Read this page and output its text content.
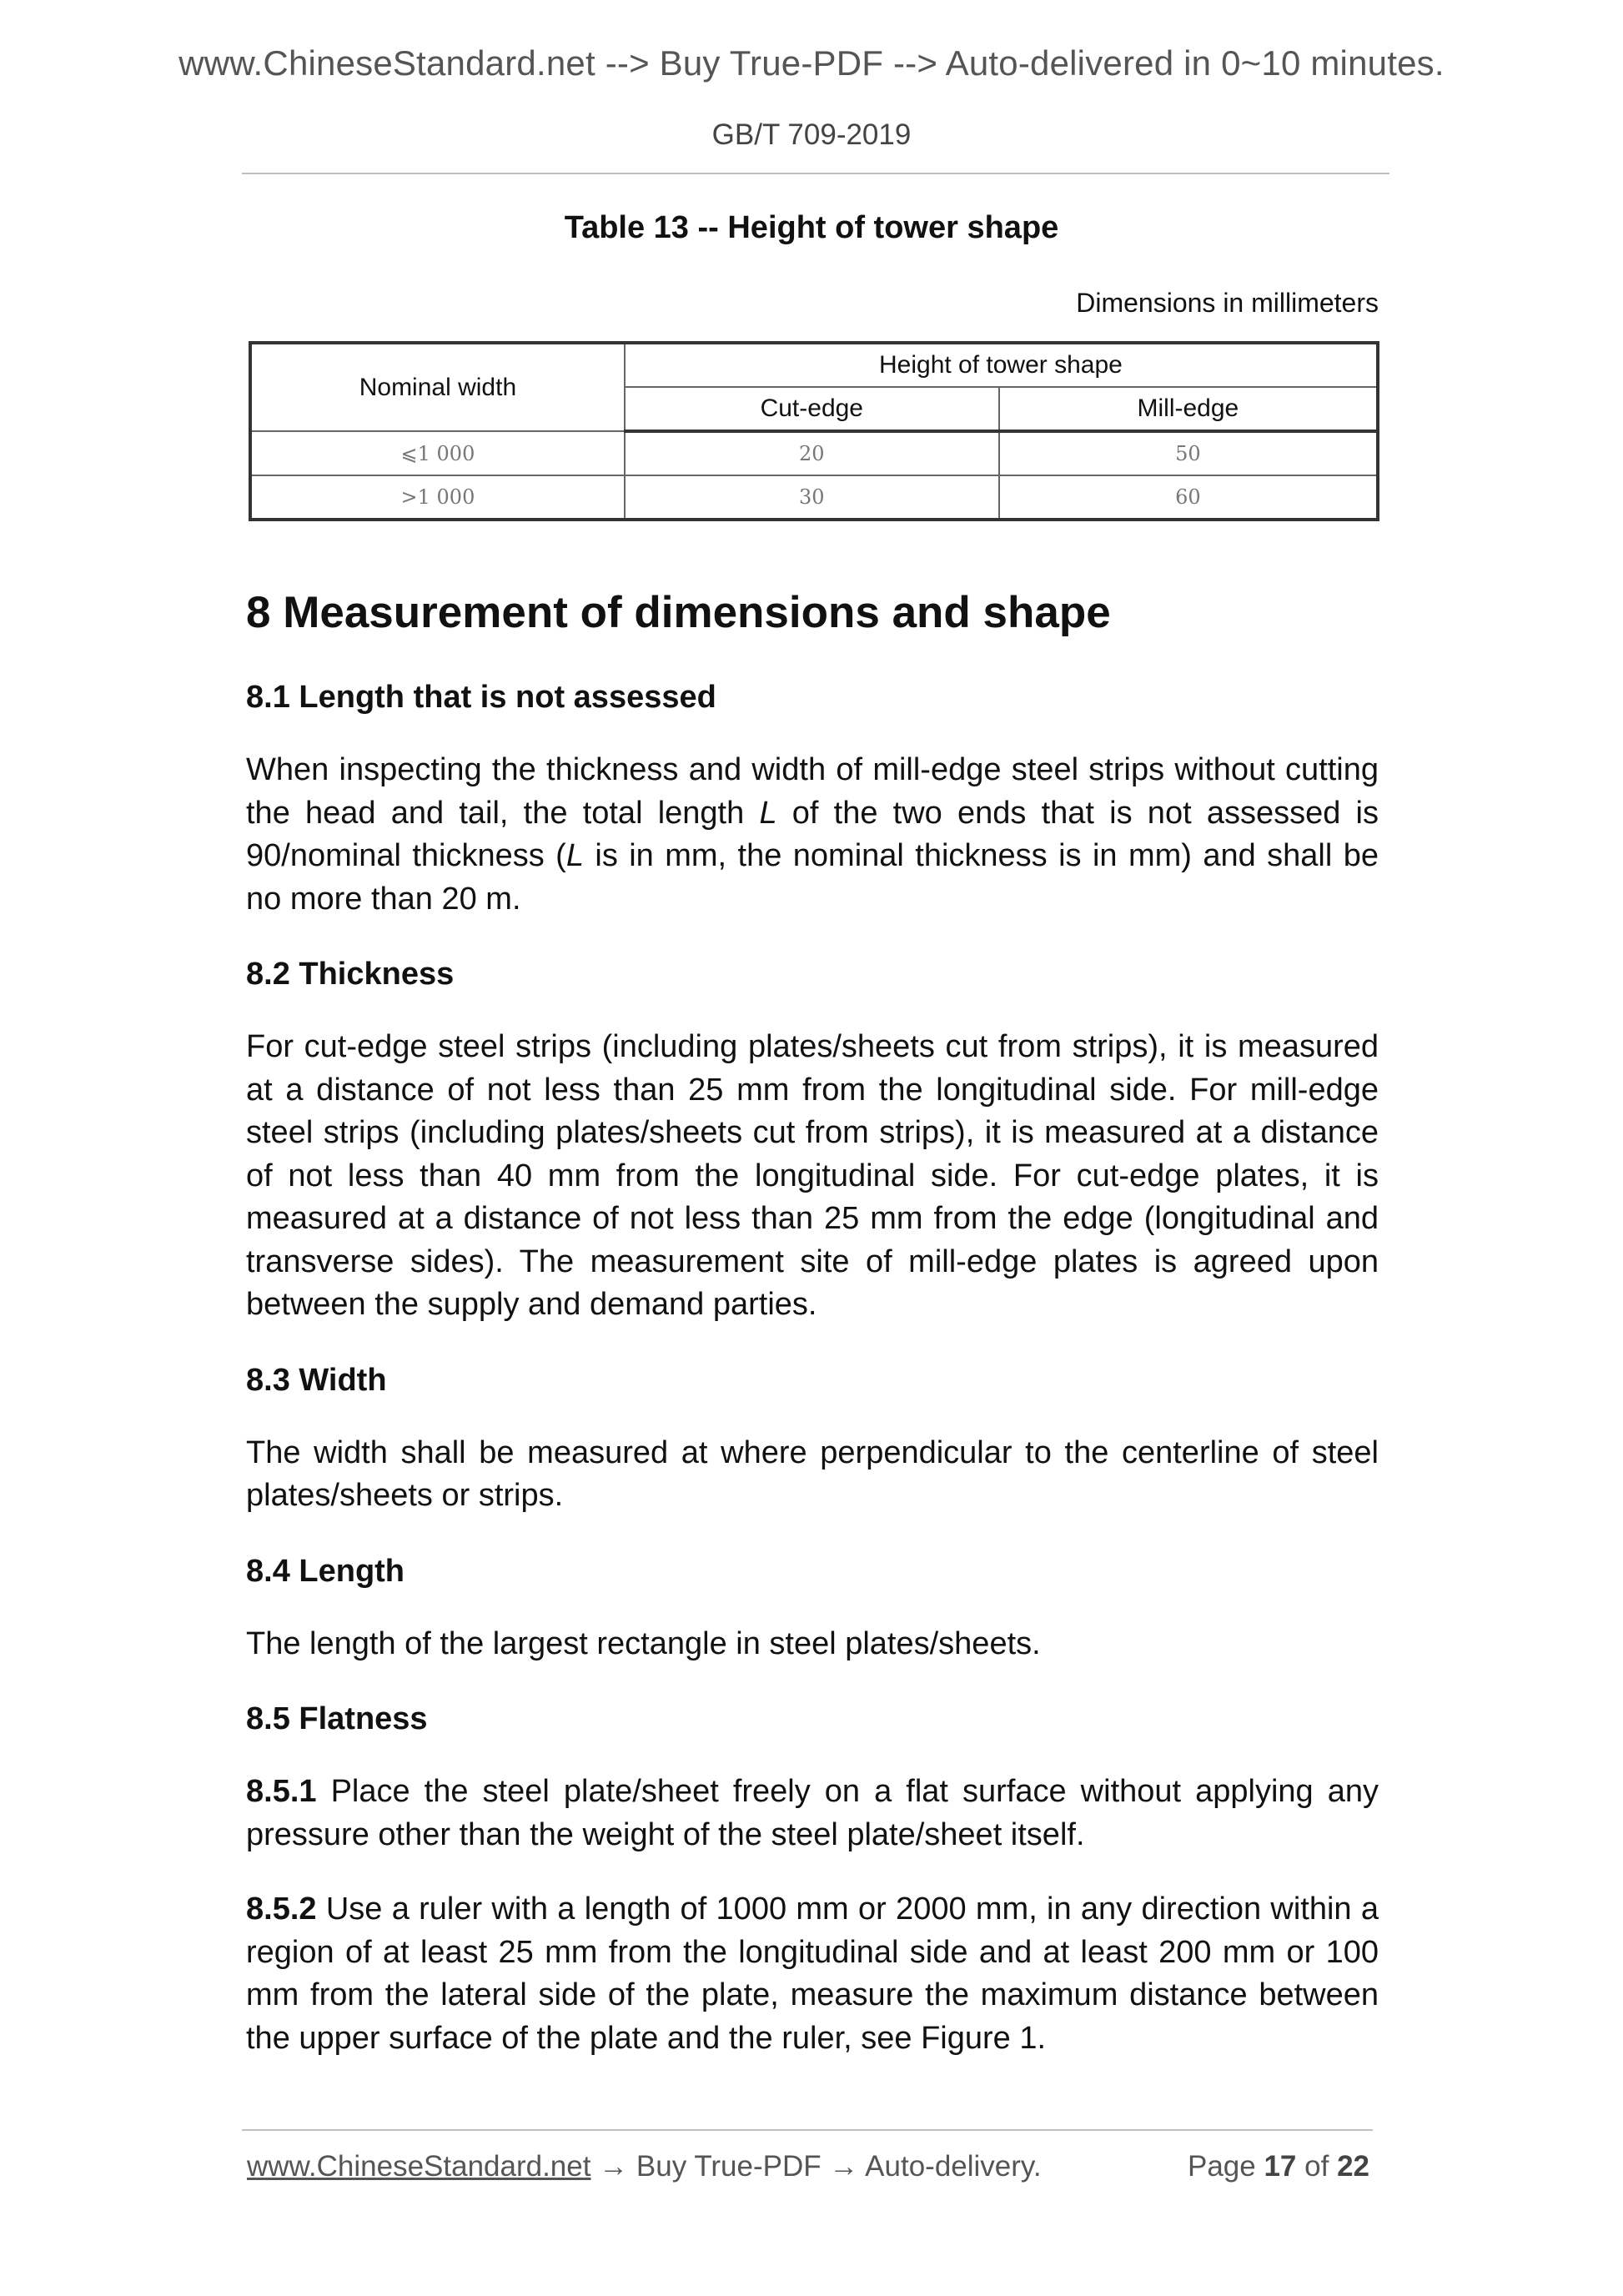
www.ChineseStandard.net --> Buy True-PDF --> Auto-delivered in 0~10 minutes.
GB/T 709-2019
Table 13 -- Height of tower shape
Dimensions in millimeters
Nominal width	Height of tower shape	
	Cut-edge	Mill-edge
⩽1 000	20	50
>1 000	30	60
8 Measurement of dimensions and shape
8.1 Length that is not assessed

When inspecting the thickness and width of mill-edge steel strips without cutting the head and tail, the total length L of the two ends that is not assessed is 90/nominal thickness (L is in mm, the nominal thickness is in mm) and shall be no more than 20 m.

8.2 Thickness

For cut-edge steel strips (including plates/sheets cut from strips), it is measured at a distance of not less than 25 mm from the longitudinal side. For mill-edge steel strips (including plates/sheets cut from strips), it is measured at a distance of not less than 40 mm from the longitudinal side. For cut-edge plates, it is measured at a distance of not less than 25 mm from the edge (longitudinal and transverse sides). The measurement site of mill-edge plates is agreed upon between the supply and demand parties.

8.3 Width

The width shall be measured at where perpendicular to the centerline of steel plates/sheets or strips.

8.4 Length

The length of the largest rectangle in steel plates/sheets.

8.5 Flatness

8.5.1 Place the steel plate/sheet freely on a flat surface without applying any pressure other than the weight of the steel plate/sheet itself.

8.5.2 Use a ruler with a length of 1000 mm or 2000 mm, in any direction within a region of at least 25 mm from the longitudinal side and at least 200 mm or 100 mm from the lateral side of the plate, measure the maximum distance between the upper surface of the plate and the ruler, see Figure 1.

www.ChineseStandard.net → Buy True-PDF → Auto-delivery.	Page 17 of 22
